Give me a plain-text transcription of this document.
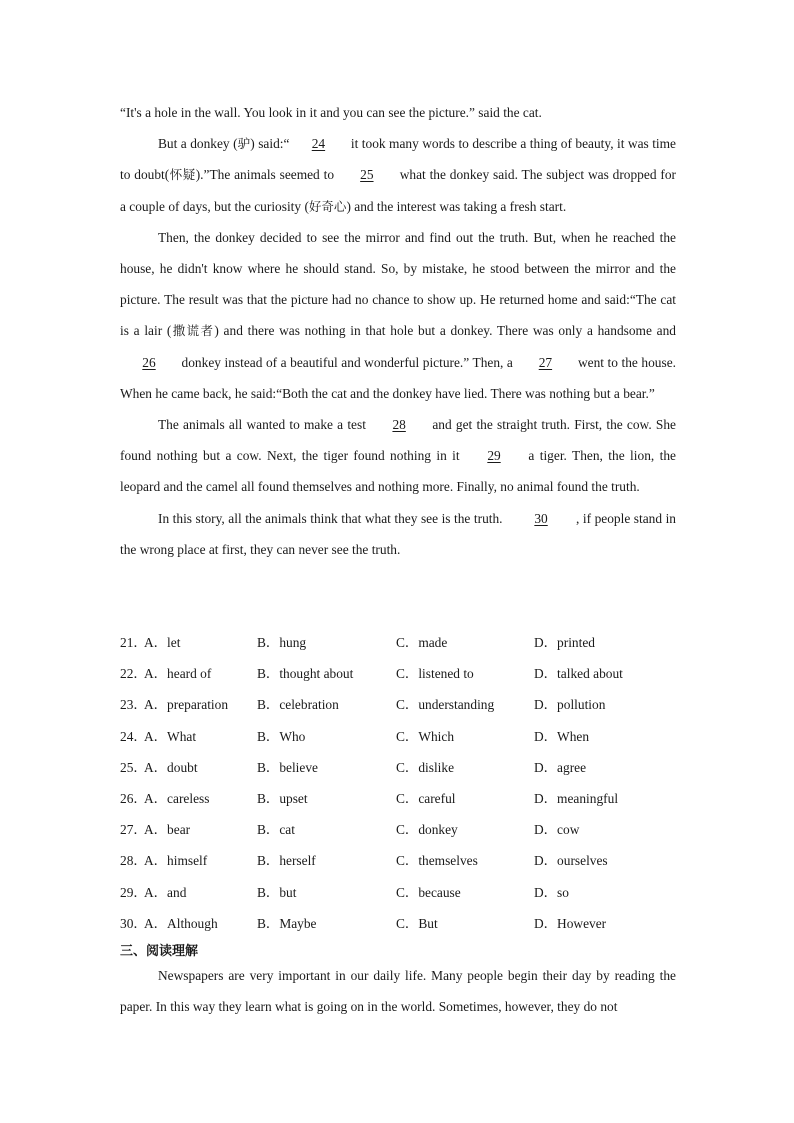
“It's a hole in the wall. You look in it and you can see the picture.” said the cat.
But a donkey (驴) said:“ 24 it took many words to describe a thing of beauty, it was time to doubt(怀疑).”The animals seemed to 25 what the donkey said. The subject was dropped for a couple of days, but the curiosity (好奇心) and the interest was taking a fresh start.
Then, the donkey decided to see the mirror and find out the truth. But, when he reached the house, he didn't know where he should stand. So, by mistake, he stood between the mirror and the picture. The result was that the picture had no chance to show up. He returned home and said:“The cat is a lair (撒谎者) and there was nothing in that hole but a donkey. There was only a handsome and 26 donkey instead of a beautiful and wonderful picture.” Then, a 27 went to the house. When he came back, he said:“Both the cat and the donkey have lied. There was nothing but a bear.”
The animals all wanted to make a test 28 and get the straight truth. First, the cow. She found nothing but a cow. Next, the tiger found nothing in it 29 a tiger. Then, the lion, the leopard and the camel all found themselves and nothing more. Finally, no animal found the truth.
In this story, all the animals think that what they see is the truth. 30 , if people stand in the wrong place at first, they can never see the truth.

21．
A．let	B．hung	C．made	D．printed
22．
A．heard of	B．thought about	C．listened to	D．talked about
23．
A．preparation B．celebration	C．understanding	D．pollution
24．
A．What	B．Who	C．Which	D．When
25．
A．doubt	B．believe	C．dislike	D．agree
26．
A．careless	B．upset	C．careful	D．meaningful
27．
A．bear	B．cat	C．donkey	D．cow
28．
A．himself	B．herself	C．themselves	D．ourselves
29．
A．and	B．but	C．because	D．so
30．
A．Although	B．Maybe	C．But	D．However
三、阅读理解

Newspapers are very important in our daily life. Many people begin their day by reading the paper. In this way they learn what is going on in the world. Sometimes, however, they do not
